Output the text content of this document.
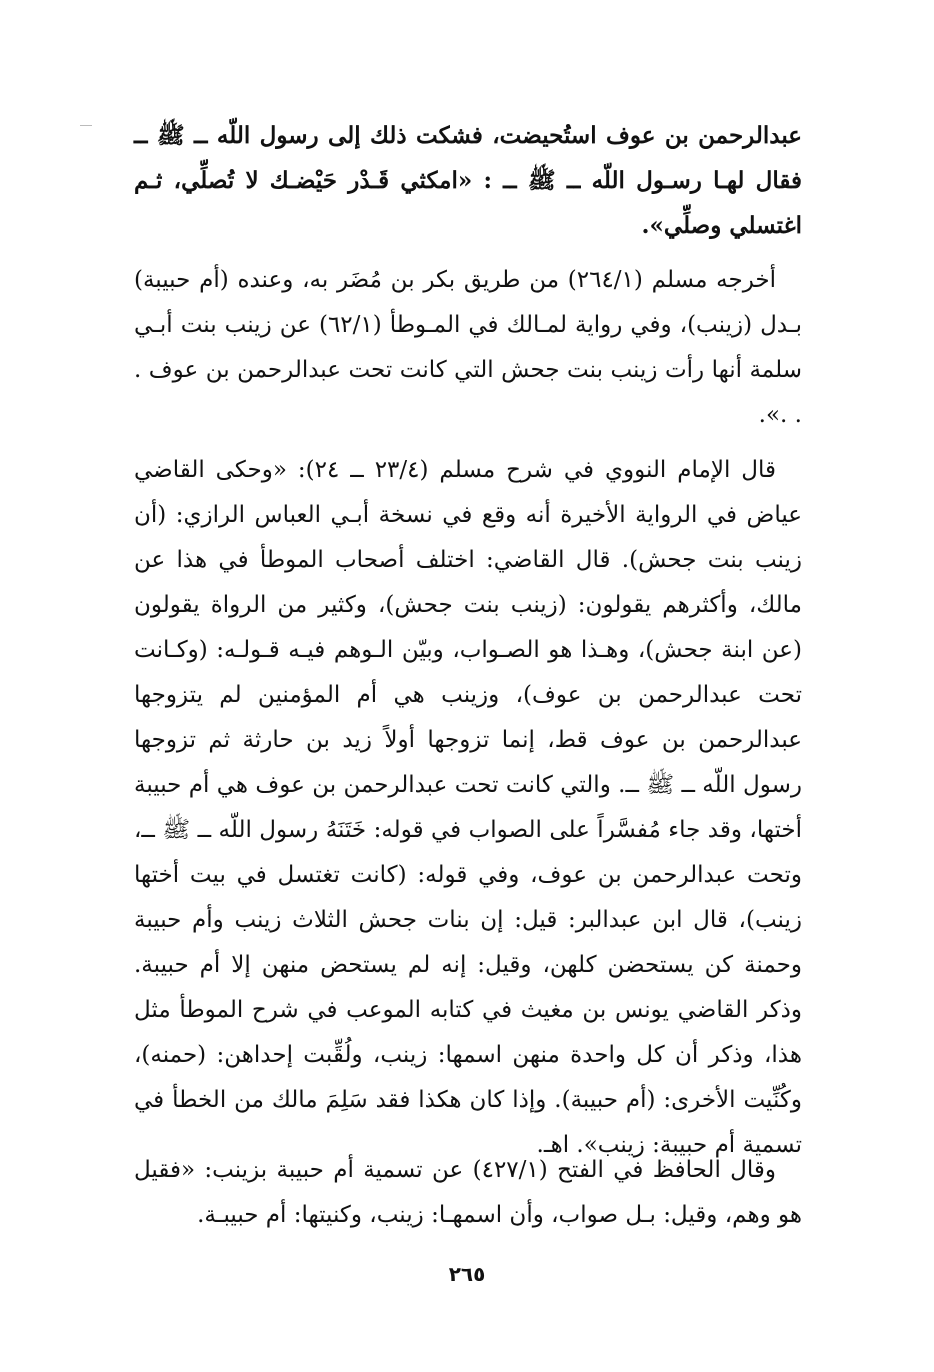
عبدالرحمن بن عوف استُحيضت، فشكت ذلك إلى رسول اللّه ــ ﷺ ــ فقال لهـا رسـول اللّه ــ ﷺ ــ : «امكثي قَـدْر حَيْضـك لا تُصلِّي، ثـم اغتسلي وصلِّي».

أخرجه مسلم (٢٦٤/١) من طريق بكر بن مُضَر به، وعنده (أم حبيبة) بـدل (زينب)، وفي رواية لمـالك في المـوطأ (٦٢/١) عن زينب بنت أبـي سلمة أنها رأت زينب بنت جحش التي كانت تحت عبدالرحمن بن عوف . . .».

قال الإمام النووي في شرح مسلم (٢٣/٤ ــ ٢٤): «وحكى القاضي عياض في الرواية الأخيرة أنه وقع في نسخة أبـي العباس الرازي: (أن زينب بنت جحش). قال القاضي: اختلف أصحاب الموطأ في هذا عن مالك، وأكثرهم يقولون: (زينب بنت جحش)، وكثير من الرواة يقولون (عن ابنة جحش)، وهـذا هو الصـواب، وبيّن الـوهم فيـه قـولـه: (وكـانت تحت عبدالرحمن بن عوف)، وزينب هي أم المؤمنين لم يتزوجها عبدالرحمن بن عوف قط، إنما تزوجها أولاً زيد بن حارثة ثم تزوجها رسول اللّه ــ ﷺ ــ. والتي كانت تحت عبدالرحمن بن عوف هي أم حبيبة أختها، وقد جاء مُفسَّراً على الصواب في قوله: خَتَنَهُ رسول اللّه ــ ﷺ ــ، وتحت عبدالرحمن بن عوف، وفي قوله: (كانت تغتسل في بيت أختها زينب)، قال ابن عبدالبر: قيل: إن بنات جحش الثلاث زينب وأم حبيبة وحمنة كن يستحضن كلهن، وقيل: إنه لم يستحض منهن إلا أم حبيبة. وذكر القاضي يونس بن مغيث في كتابه الموعب في شرح الموطأ مثل هذا، وذكر أن كل واحدة منهن اسمها: زينب، ولُقِّبت إحداهن: (حمنه)، وكُنِّيت الأخرى: (أم حبيبة). وإذا كان هكذا فقد سَلِمَ مالك من الخطأ في تسمية أم حبيبة: زينب». اهـ.

وقال الحافظ في الفتح (٤٢٧/١) عن تسمية أم حبيبة بزينب: «فقيل هو وهم، وقيل: بـل صواب، وأن اسمهـا: زينب، وكنيتها: أم حبيبـة.

٢٦٥
